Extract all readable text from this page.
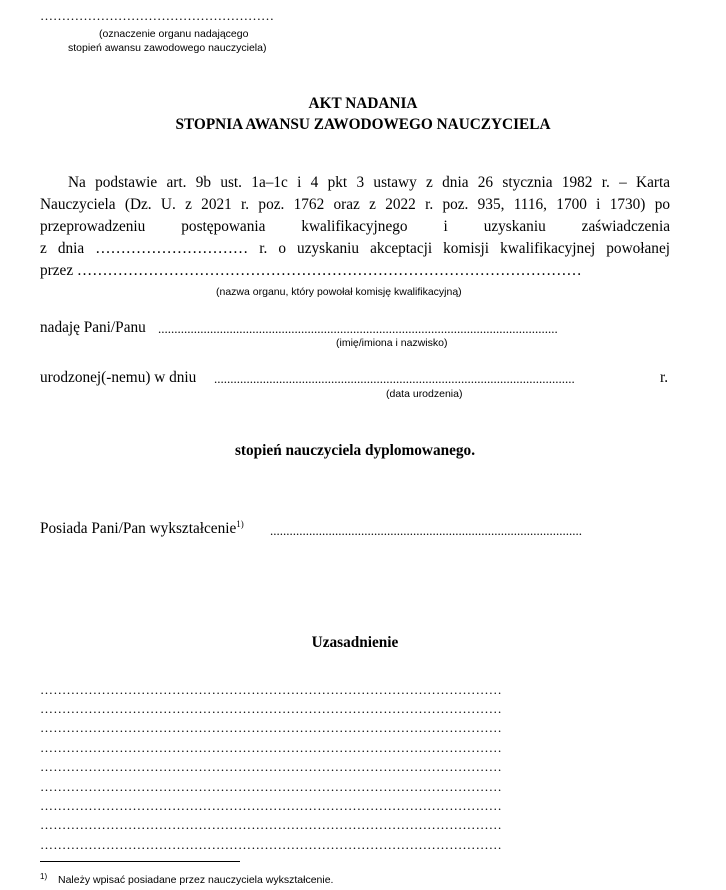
………………………………………………
(oznaczenie organu nadającego
stopień awansu zawodowego nauczyciela)
AKT NADANIA
STOPNIA AWANSU ZAWODOWEGO NAUCZYCIELA
Na podstawie art. 9b ust. 1a–1c i 4 pkt 3 ustawy z dnia 26 stycznia 1982 r. – Karta
Nauczyciela (Dz. U. z 2021 r. poz. 1762 oraz z 2022 r. poz. 935, 1116, 1700 i 1730) po
przeprowadzeniu postępowania kwalifikacyjnego i uzyskaniu zaświadczenia
z dnia ………………………… r. o uzyskaniu akceptacji komisji kwalifikacyjnej powołanej
przez ………………………………………………………………………………………
(nazwa organu, który powołał komisję kwalifikacyjną)
nadaję Pani/Panu ...........................................................................................................................
(imię/imiona i nazwisko)
urodzonej(-nemu) w dniu ...............................................................................................................	r.
(data urodzenia)
stopień nauczyciela dyplomowanego.
Posiada Pani/Pan wykształcenie$^{1)}$ ................................................................................................
Uzasadnienie
……………………………………………………………………………………………
……………………………………………………………………………………………
……………………………………………………………………………………………
……………………………………………………………………………………………
……………………………………………………………………………………………
……………………………………………………………………………………………
……………………………………………………………………………………………
……………………………………………………………………………………………
……………………………………………………………………………………………
1) Należy wpisać posiadane przez nauczyciela wykształcenie.
